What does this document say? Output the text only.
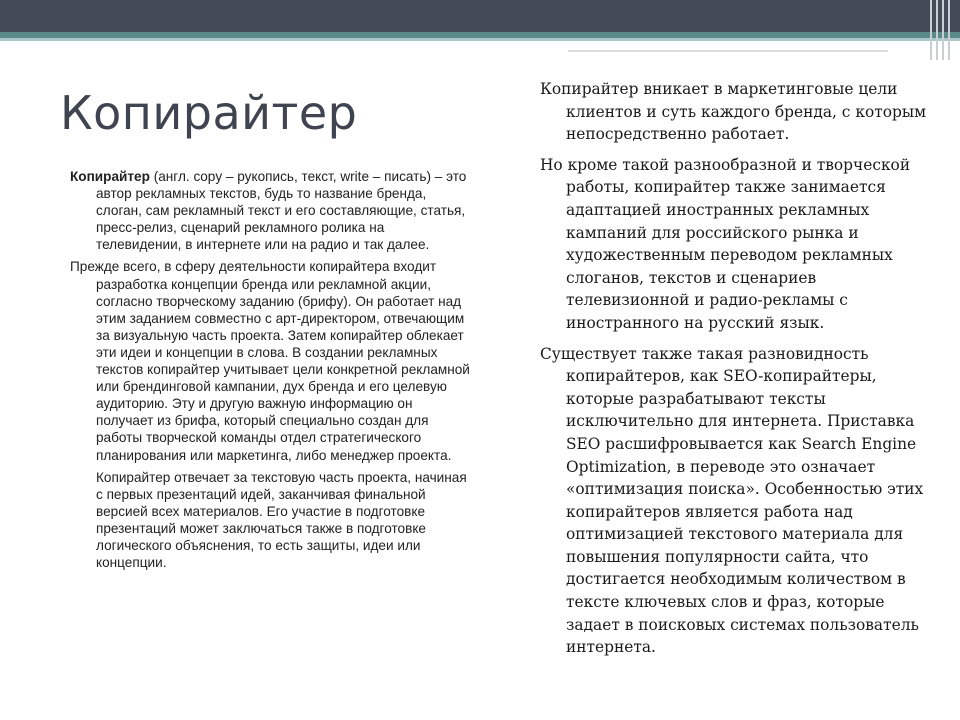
Копирайтер

Копирайтер (англ. copy – рукопись, текст, write – писать) – это автор рекламных текстов, будь то название бренда, слоган, сам рекламный текст и его составляющие, статья, пресс-релиз, сценарий рекламного ролика на телевидении, в интернете или на радио и так далее.

Прежде всего, в сферу деятельности копирайтера входит разработка концепции бренда или рекламной акции, согласно творческому заданию (брифу). Он работает над этим заданием совместно с арт-директором, отвечающим за визуальную часть проекта. Затем копирайтер облекает эти идеи и концепции в слова. В создании рекламных текстов копирайтер учитывает цели конкретной рекламной или брендинговой кампании, дух бренда и его целевую аудиторию. Эту и другую важную информацию он получает из брифа, который специально создан для работы творческой команды отдел стратегического планирования или маркетинга, либо менеджер проекта.

Копирайтер отвечает за текстовую часть проекта, начиная с первых презентаций идей, заканчивая финальной версией всех материалов. Его участие в подготовке презентаций может заключаться также в подготовке логического объяснения, то есть защиты, идеи или концепции.

Копирайтер вникает в маркетинговые цели клиентов и суть каждого бренда, с которым непосредственно работает.

Но кроме такой разнообразной и творческой работы, копирайтер также занимается адаптацией иностранных рекламных кампаний для российского рынка и художественным переводом рекламных слоганов, текстов и сценариев телевизионной и радио-рекламы с иностранного на русский язык.

Существует также такая разновидность копирайтеров, как SEO-копирайтеры, которые разрабатывают тексты исключительно для интернета. Приставка SEO расшифровывается как Search Engine Optimization, в переводе это означает «оптимизация поиска». Особенностью этих копирайтеров является работа над оптимизацией текстового материала для повышения популярности сайта, что достигается необходимым количеством в тексте ключевых слов и фраз, которые задает в поисковых системах пользователь интернета.
